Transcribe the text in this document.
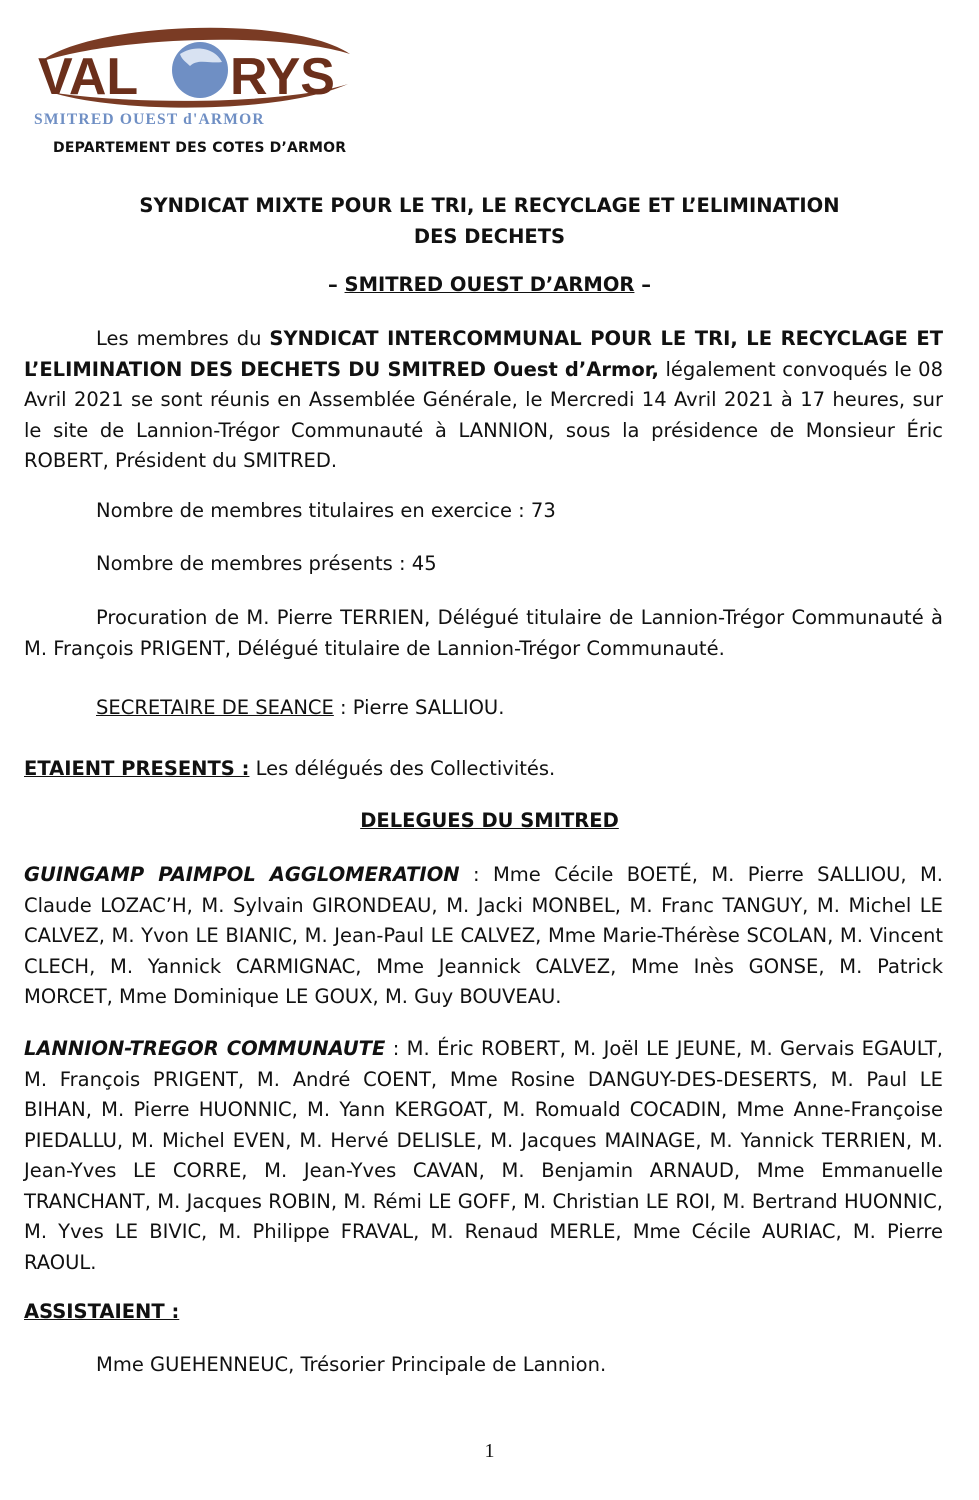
VAL RYS
SMITRED OUEST d'ARMOR
DEPARTEMENT DES COTES D’ARMOR
SYNDICAT MIXTE POUR LE TRI, LE RECYCLAGE ET L’ELIMINATION
DES DECHETS
– SMITRED OUEST D’ARMOR –
Les membres du SYNDICAT INTERCOMMUNAL POUR LE TRI, LE RECYCLAGE ET L’ELIMINATION DES DECHETS DU SMITRED Ouest d’Armor, légalement convoqués le 08 Avril 2021 se sont réunis en Assemblée Générale, le Mercredi 14 Avril 2021 à 17 heures, sur le site de Lannion-Trégor Communauté à LANNION, sous la présidence de Monsieur Éric ROBERT, Président du SMITRED.
Nombre de membres titulaires en exercice : 73
Nombre de membres présents : 45
Procuration de M. Pierre TERRIEN, Délégué titulaire de Lannion-Trégor Communauté à M. François PRIGENT, Délégué titulaire de Lannion-Trégor Communauté.
SECRETAIRE DE SEANCE : Pierre SALLIOU.
ETAIENT PRESENTS : Les délégués des Collectivités.
DELEGUES DU SMITRED
GUINGAMP PAIMPOL AGGLOMERATION : Mme Cécile BOETÉ, M. Pierre SALLIOU, M. Claude LOZAC’H, M. Sylvain GIRONDEAU, M. Jacki MONBEL, M. Franc TANGUY, M. Michel LE CALVEZ, M. Yvon LE BIANIC, M. Jean-Paul LE CALVEZ, Mme Marie-Thérèse SCOLAN, M. Vincent CLECH, M. Yannick CARMIGNAC, Mme Jeannick CALVEZ, Mme Inès GONSE, M. Patrick MORCET, Mme Dominique LE GOUX, M. Guy BOUVEAU.
LANNION-TREGOR COMMUNAUTE : M. Éric ROBERT, M. Joël LE JEUNE, M. Gervais EGAULT, M. François PRIGENT, M. André COENT, Mme Rosine DANGUY-DES-DESERTS, M. Paul LE BIHAN, M. Pierre HUONNIC, M. Yann KERGOAT, M. Romuald COCADIN, Mme Anne-Françoise PIEDALLU, M. Michel EVEN, M. Hervé DELISLE, M. Jacques MAINAGE, M. Yannick TERRIEN, M. Jean-Yves LE CORRE, M. Jean-Yves CAVAN, M. Benjamin ARNAUD, Mme Emmanuelle TRANCHANT, M. Jacques ROBIN, M. Rémi LE GOFF, M. Christian LE ROI, M. Bertrand HUONNIC, M. Yves LE BIVIC, M. Philippe FRAVAL, M. Renaud MERLE, Mme Cécile AURIAC, M. Pierre RAOUL.
ASSISTAIENT :
Mme GUEHENNEUC, Trésorier Principale de Lannion.
1
